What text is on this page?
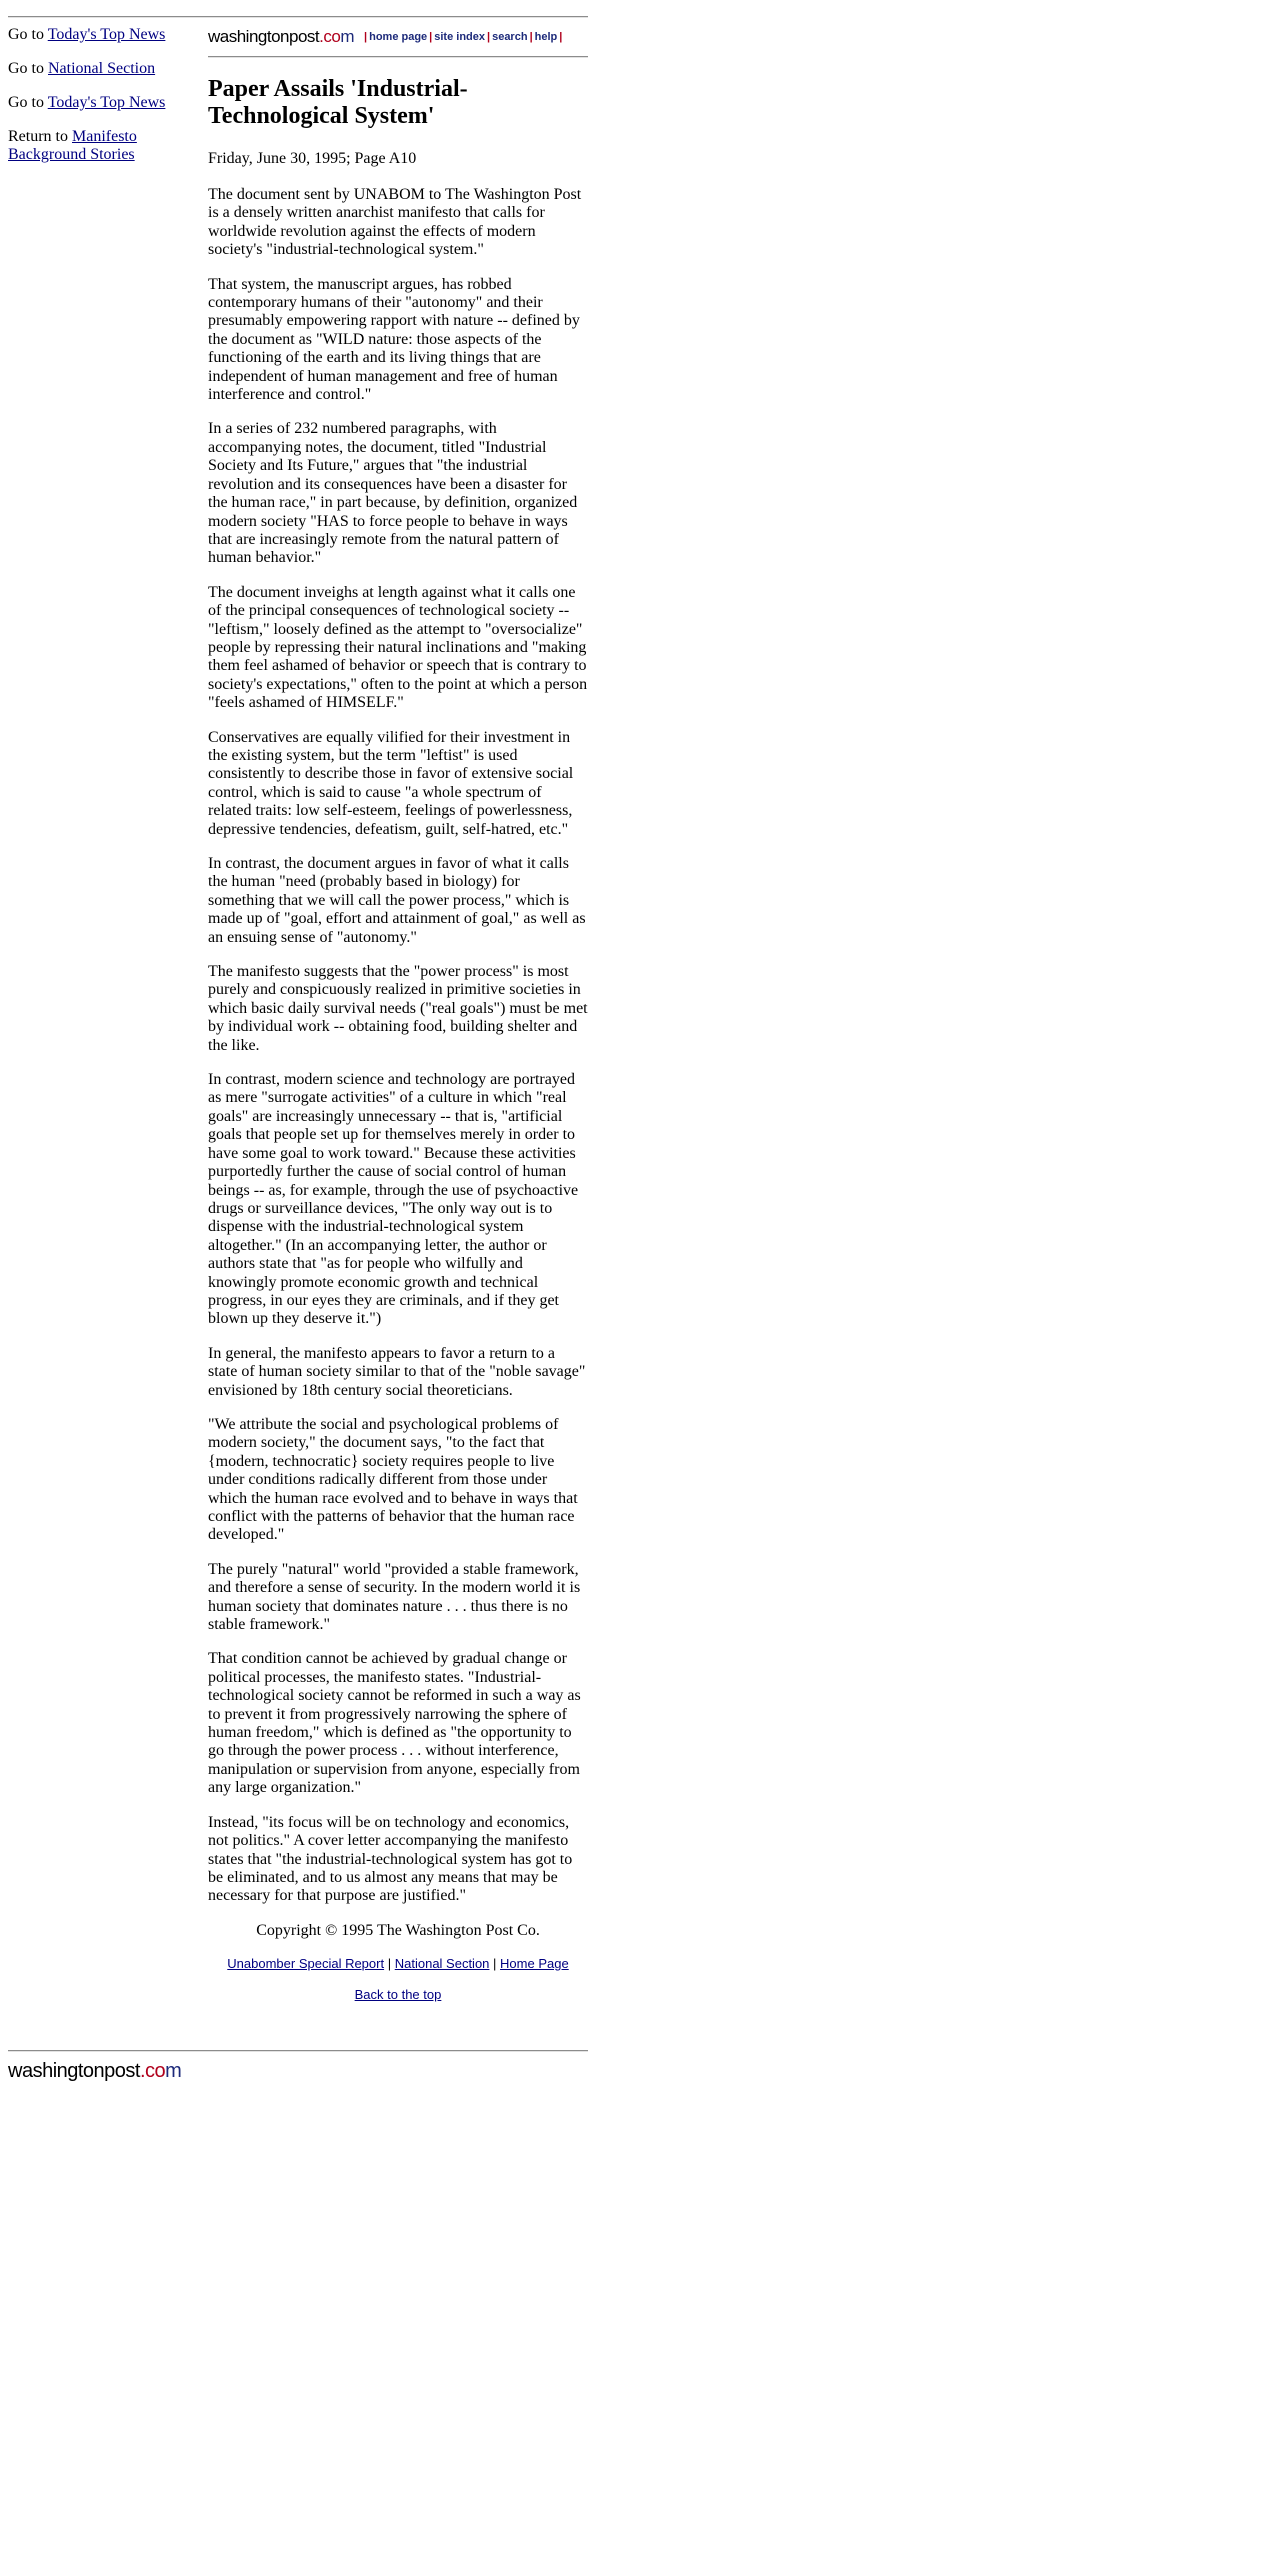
Go to Today's Top News

Go to National Section

Go to Today's Top News

Return to Manifesto Background Stories

washingtonpost.com | home page | site index | search | help |
Paper Assails 'Industrial-Technological System'

Friday, June 30, 1995; Page A10

The document sent by UNABOM to The Washington Post is a densely written anarchist manifesto that calls for worldwide revolution against the effects of modern society's "industrial-technological system."

That system, the manuscript argues, has robbed contemporary humans of their "autonomy" and their presumably empowering rapport with nature -- defined by the document as "WILD nature: those aspects of the functioning of the earth and its living things that are independent of human management and free of human interference and control."

In a series of 232 numbered paragraphs, with accompanying notes, the document, titled "Industrial Society and Its Future," argues that "the industrial revolution and its consequences have been a disaster for the human race," in part because, by definition, organized modern society "HAS to force people to behave in ways that are increasingly remote from the natural pattern of human behavior."

The document inveighs at length against what it calls one of the principal consequences of technological society -- "leftism," loosely defined as the attempt to "oversocialize" people by repressing their natural inclinations and "making them feel ashamed of behavior or speech that is contrary to society's expectations," often to the point at which a person "feels ashamed of HIMSELF."

Conservatives are equally vilified for their investment in the existing system, but the term "leftist" is used consistently to describe those in favor of extensive social control, which is said to cause "a whole spectrum of related traits: low self-esteem, feelings of powerlessness, depressive tendencies, defeatism, guilt, self-hatred, etc."

In contrast, the document argues in favor of what it calls the human "need (probably based in biology) for something that we will call the power process," which is made up of "goal, effort and attainment of goal," as well as an ensuing sense of "autonomy."

The manifesto suggests that the "power process" is most purely and conspicuously realized in primitive societies in which basic daily survival needs ("real goals") must be met by individual work -- obtaining food, building shelter and the like.

In contrast, modern science and technology are portrayed as mere "surrogate activities" of a culture in which "real goals" are increasingly unnecessary -- that is, "artificial goals that people set up for themselves merely in order to have some goal to work toward." Because these activities purportedly further the cause of social control of human beings -- as, for example, through the use of psychoactive drugs or surveillance devices, "The only way out is to dispense with the industrial-technological system altogether." (In an accompanying letter, the author or authors state that "as for people who wilfully and knowingly promote economic growth and technical progress, in our eyes they are criminals, and if they get blown up they deserve it.")

In general, the manifesto appears to favor a return to a state of human society similar to that of the "noble savage" envisioned by 18th century social theoreticians.

"We attribute the social and psychological problems of modern society," the document says, "to the fact that {modern, technocratic} society requires people to live under conditions radically different from those under which the human race evolved and to behave in ways that conflict with the patterns of behavior that the human race developed."

The purely "natural" world "provided a stable framework, and therefore a sense of security. In the modern world it is human society that dominates nature . . . thus there is no stable framework."

That condition cannot be achieved by gradual change or political processes, the manifesto states. "Industrial-technological society cannot be reformed in such a way as to prevent it from progressively narrowing the sphere of human freedom," which is defined as "the opportunity to go through the power process . . . without interference, manipulation or supervision from anyone, especially from any large organization."

Instead, "its focus will be on technology and economics, not politics." A cover letter accompanying the manifesto states that "the industrial-technological system has got to be eliminated, and to us almost any means that may be necessary for that purpose are justified."

Copyright © 1995 The Washington Post Co.

Unabomber Special Report | National Section | Home Page

Back to the top

washingtonpost.com
